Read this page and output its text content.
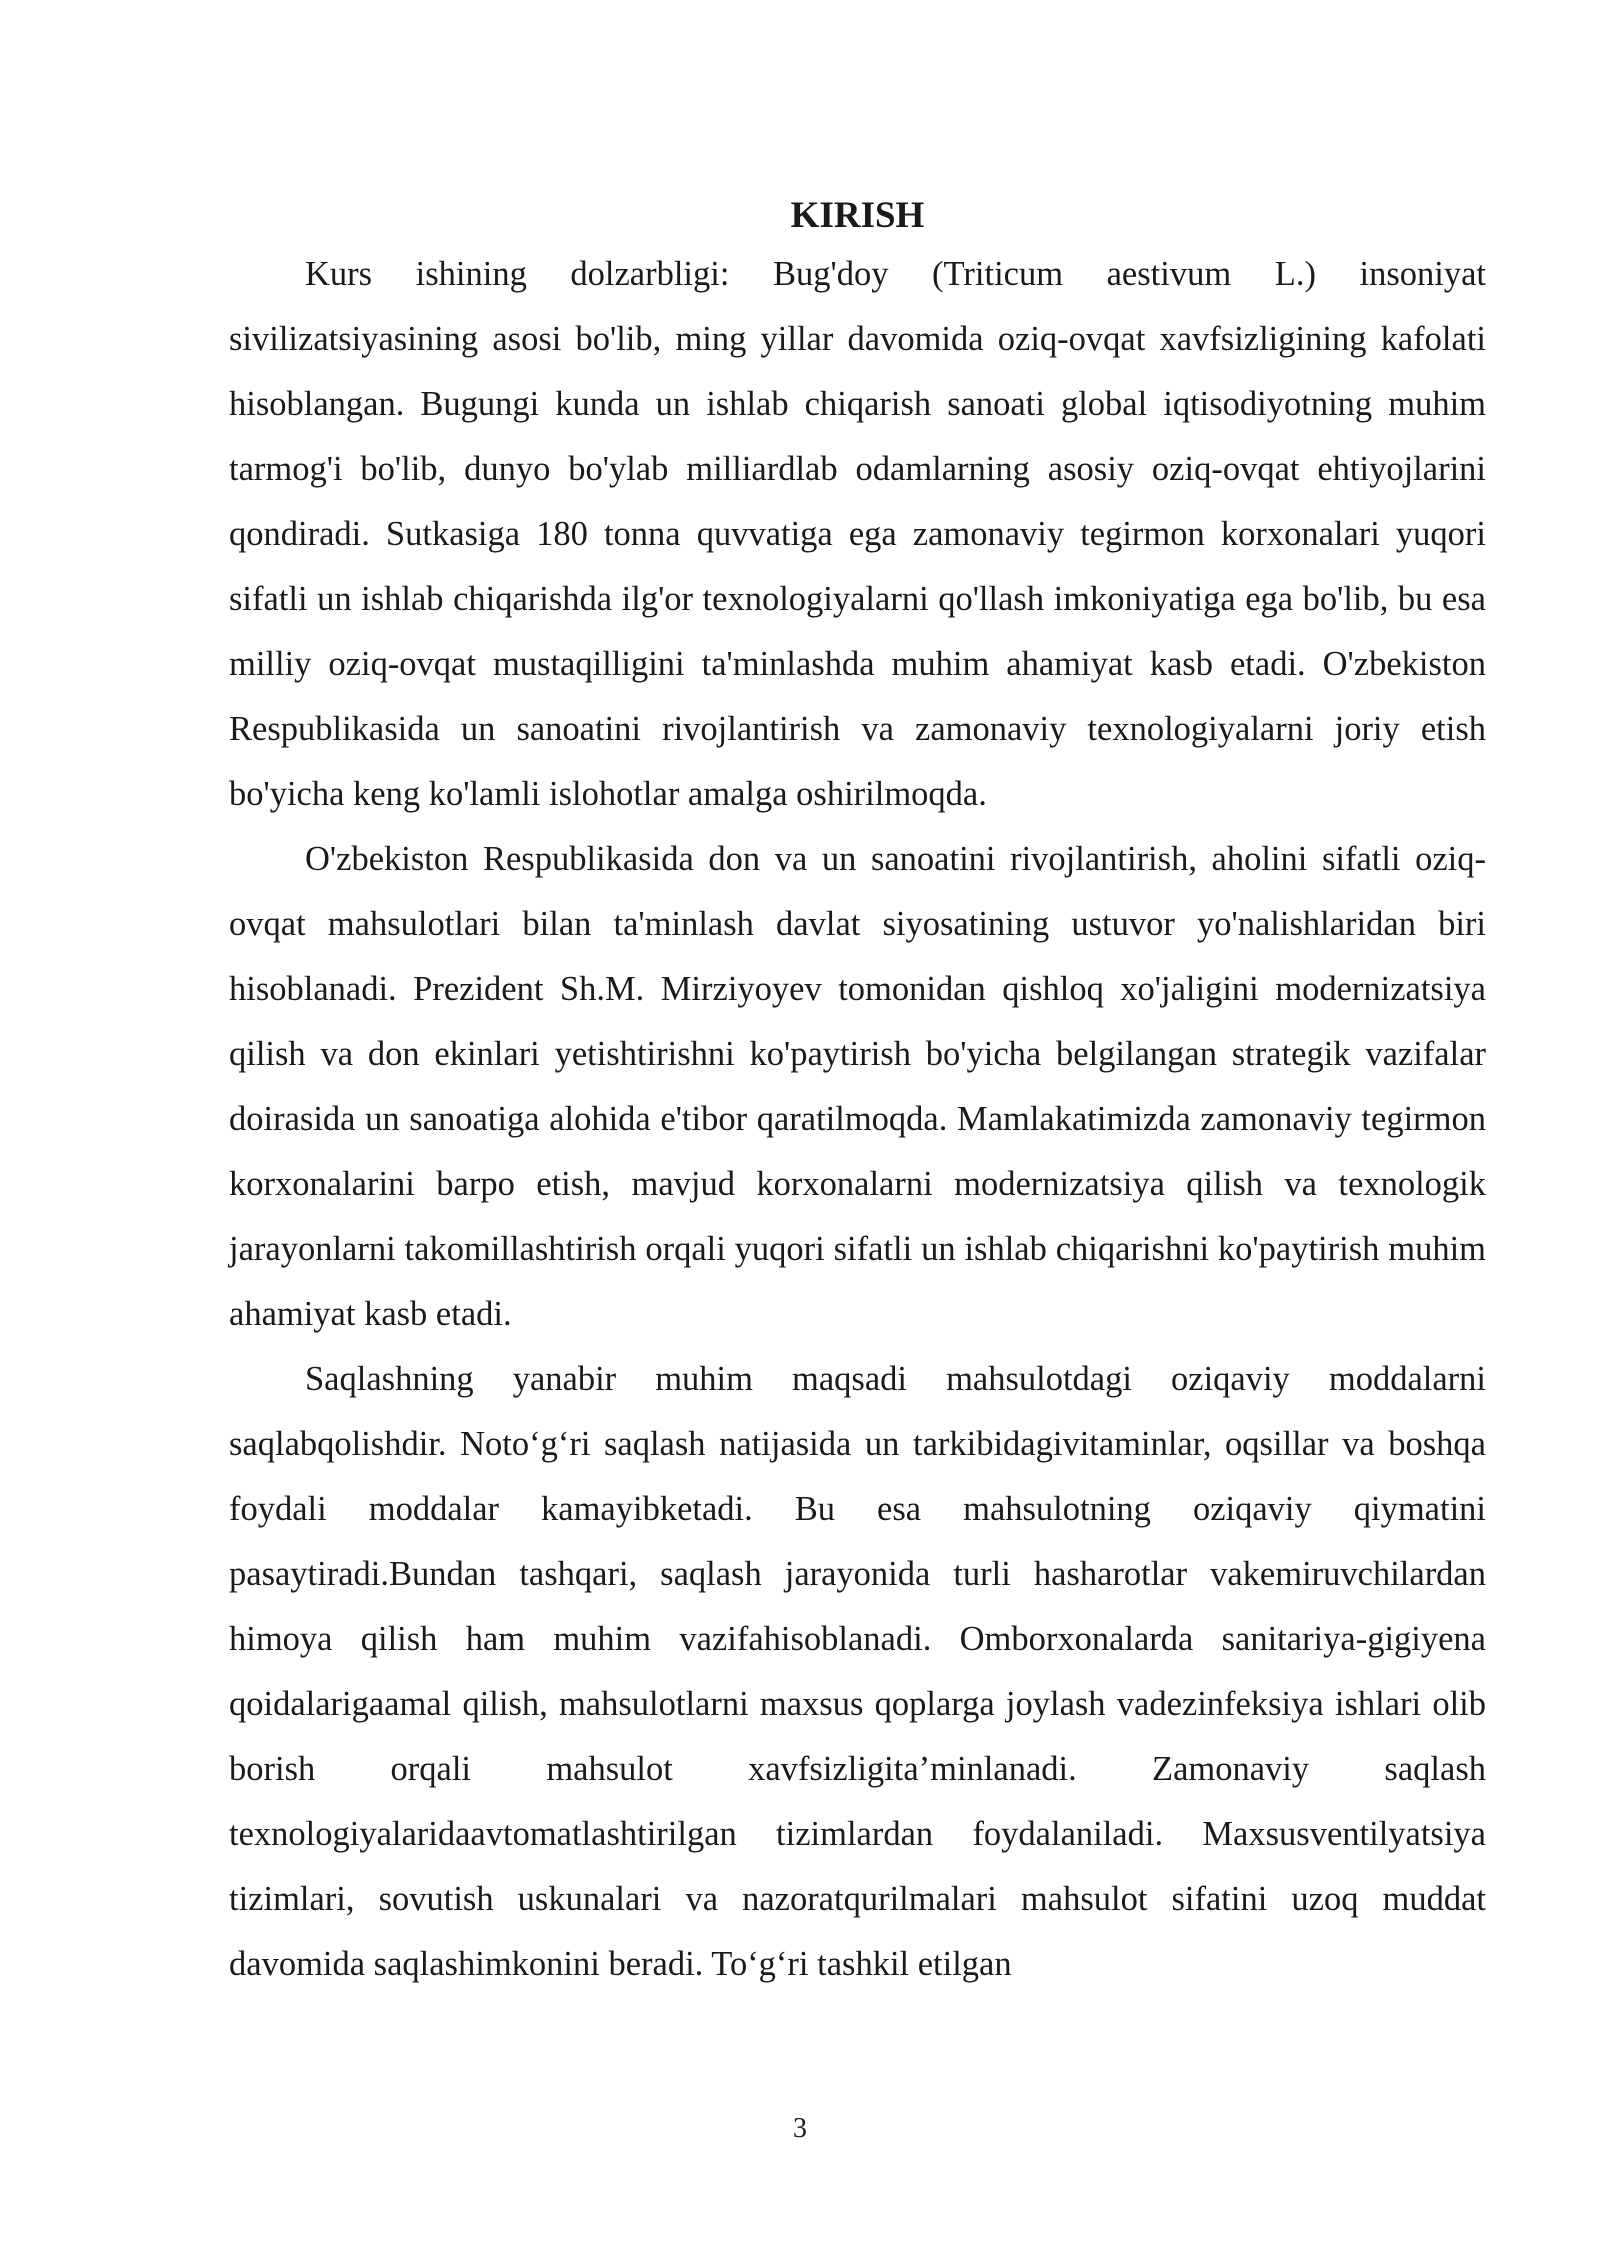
KIRISH

Kurs ishining dolzarbligi: Bug'doy (Triticum aestivum L.) insoniyat sivilizatsiyasining asosi bo'lib, ming yillar davomida oziq-ovqat xavfsizligining kafolati hisoblangan. Bugungi kunda un ishlab chiqarish sanoati global iqtisodiyotning muhim tarmog'i bo'lib, dunyo bo'ylab milliardlab odamlarning asosiy oziq-ovqat ehtiyojlarini qondiradi. Sutkasiga 180 tonna quvvatiga ega zamonaviy tegirmon korxonalari yuqori sifatli un ishlab chiqarishda ilg'or texnologiyalarni qo'llash imkoniyatiga ega bo'lib, bu esa milliy oziq-ovqat mustaqilligini ta'minlashda muhim ahamiyat kasb etadi. O'zbekiston Respublikasida un sanoatini rivojlantirish va zamonaviy texnologiyalarni joriy etish bo'yicha keng ko'lamli islohotlar amalga oshirilmoqda.

O'zbekiston Respublikasida don va un sanoatini rivojlantirish, aholini sifatli oziq-ovqat mahsulotlari bilan ta'minlash davlat siyosatining ustuvor yo'nalishlaridan biri hisoblanadi. Prezident Sh.M. Mirziyoyev tomonidan qishloq xo'jaligini modernizatsiya qilish va don ekinlari yetishtirishni ko'paytirish bo'yicha belgilangan strategik vazifalar doirasida un sanoatiga alohida e'tibor qaratilmoqda. Mamlakatimizda zamonaviy tegirmon korxonalarini barpo etish, mavjud korxonalarni modernizatsiya qilish va texnologik jarayonlarni takomillashtirish orqali yuqori sifatli un ishlab chiqarishni ko'paytirish muhim ahamiyat kasb etadi.

Saqlashning yanabir muhim maqsadi mahsulotdagi oziqaviy moddalarni saqlabqolishdir. Noto‘g‘ri saqlash natijasida un tarkibidagivitaminlar, oqsillar va boshqa foydali moddalar kamayibketadi. Bu esa mahsulotning oziqaviy qiymatini pasaytiradi.Bundan tashqari, saqlash jarayonida turli hasharotlar vakemiruvchilardan himoya qilish ham muhim vazifahisoblanadi. Omborxonalarda sanitariya-gigiyena qoidalarigaamal qilish, mahsulotlarni maxsus qoplarga joylash vadezinfeksiya ishlari olib borish orqali mahsulot xavfsizligita’minlanadi. Zamonaviy saqlash texnologiyalaridaavtomatlashtirilgan tizimlardan foydalaniladi. Maxsusventilyatsiya tizimlari, sovutish uskunalari va nazoratqurilmalari mahsulot sifatini uzoq muddat davomida saqlashimkonini beradi. To‘g‘ri tashkil etilgan

3
